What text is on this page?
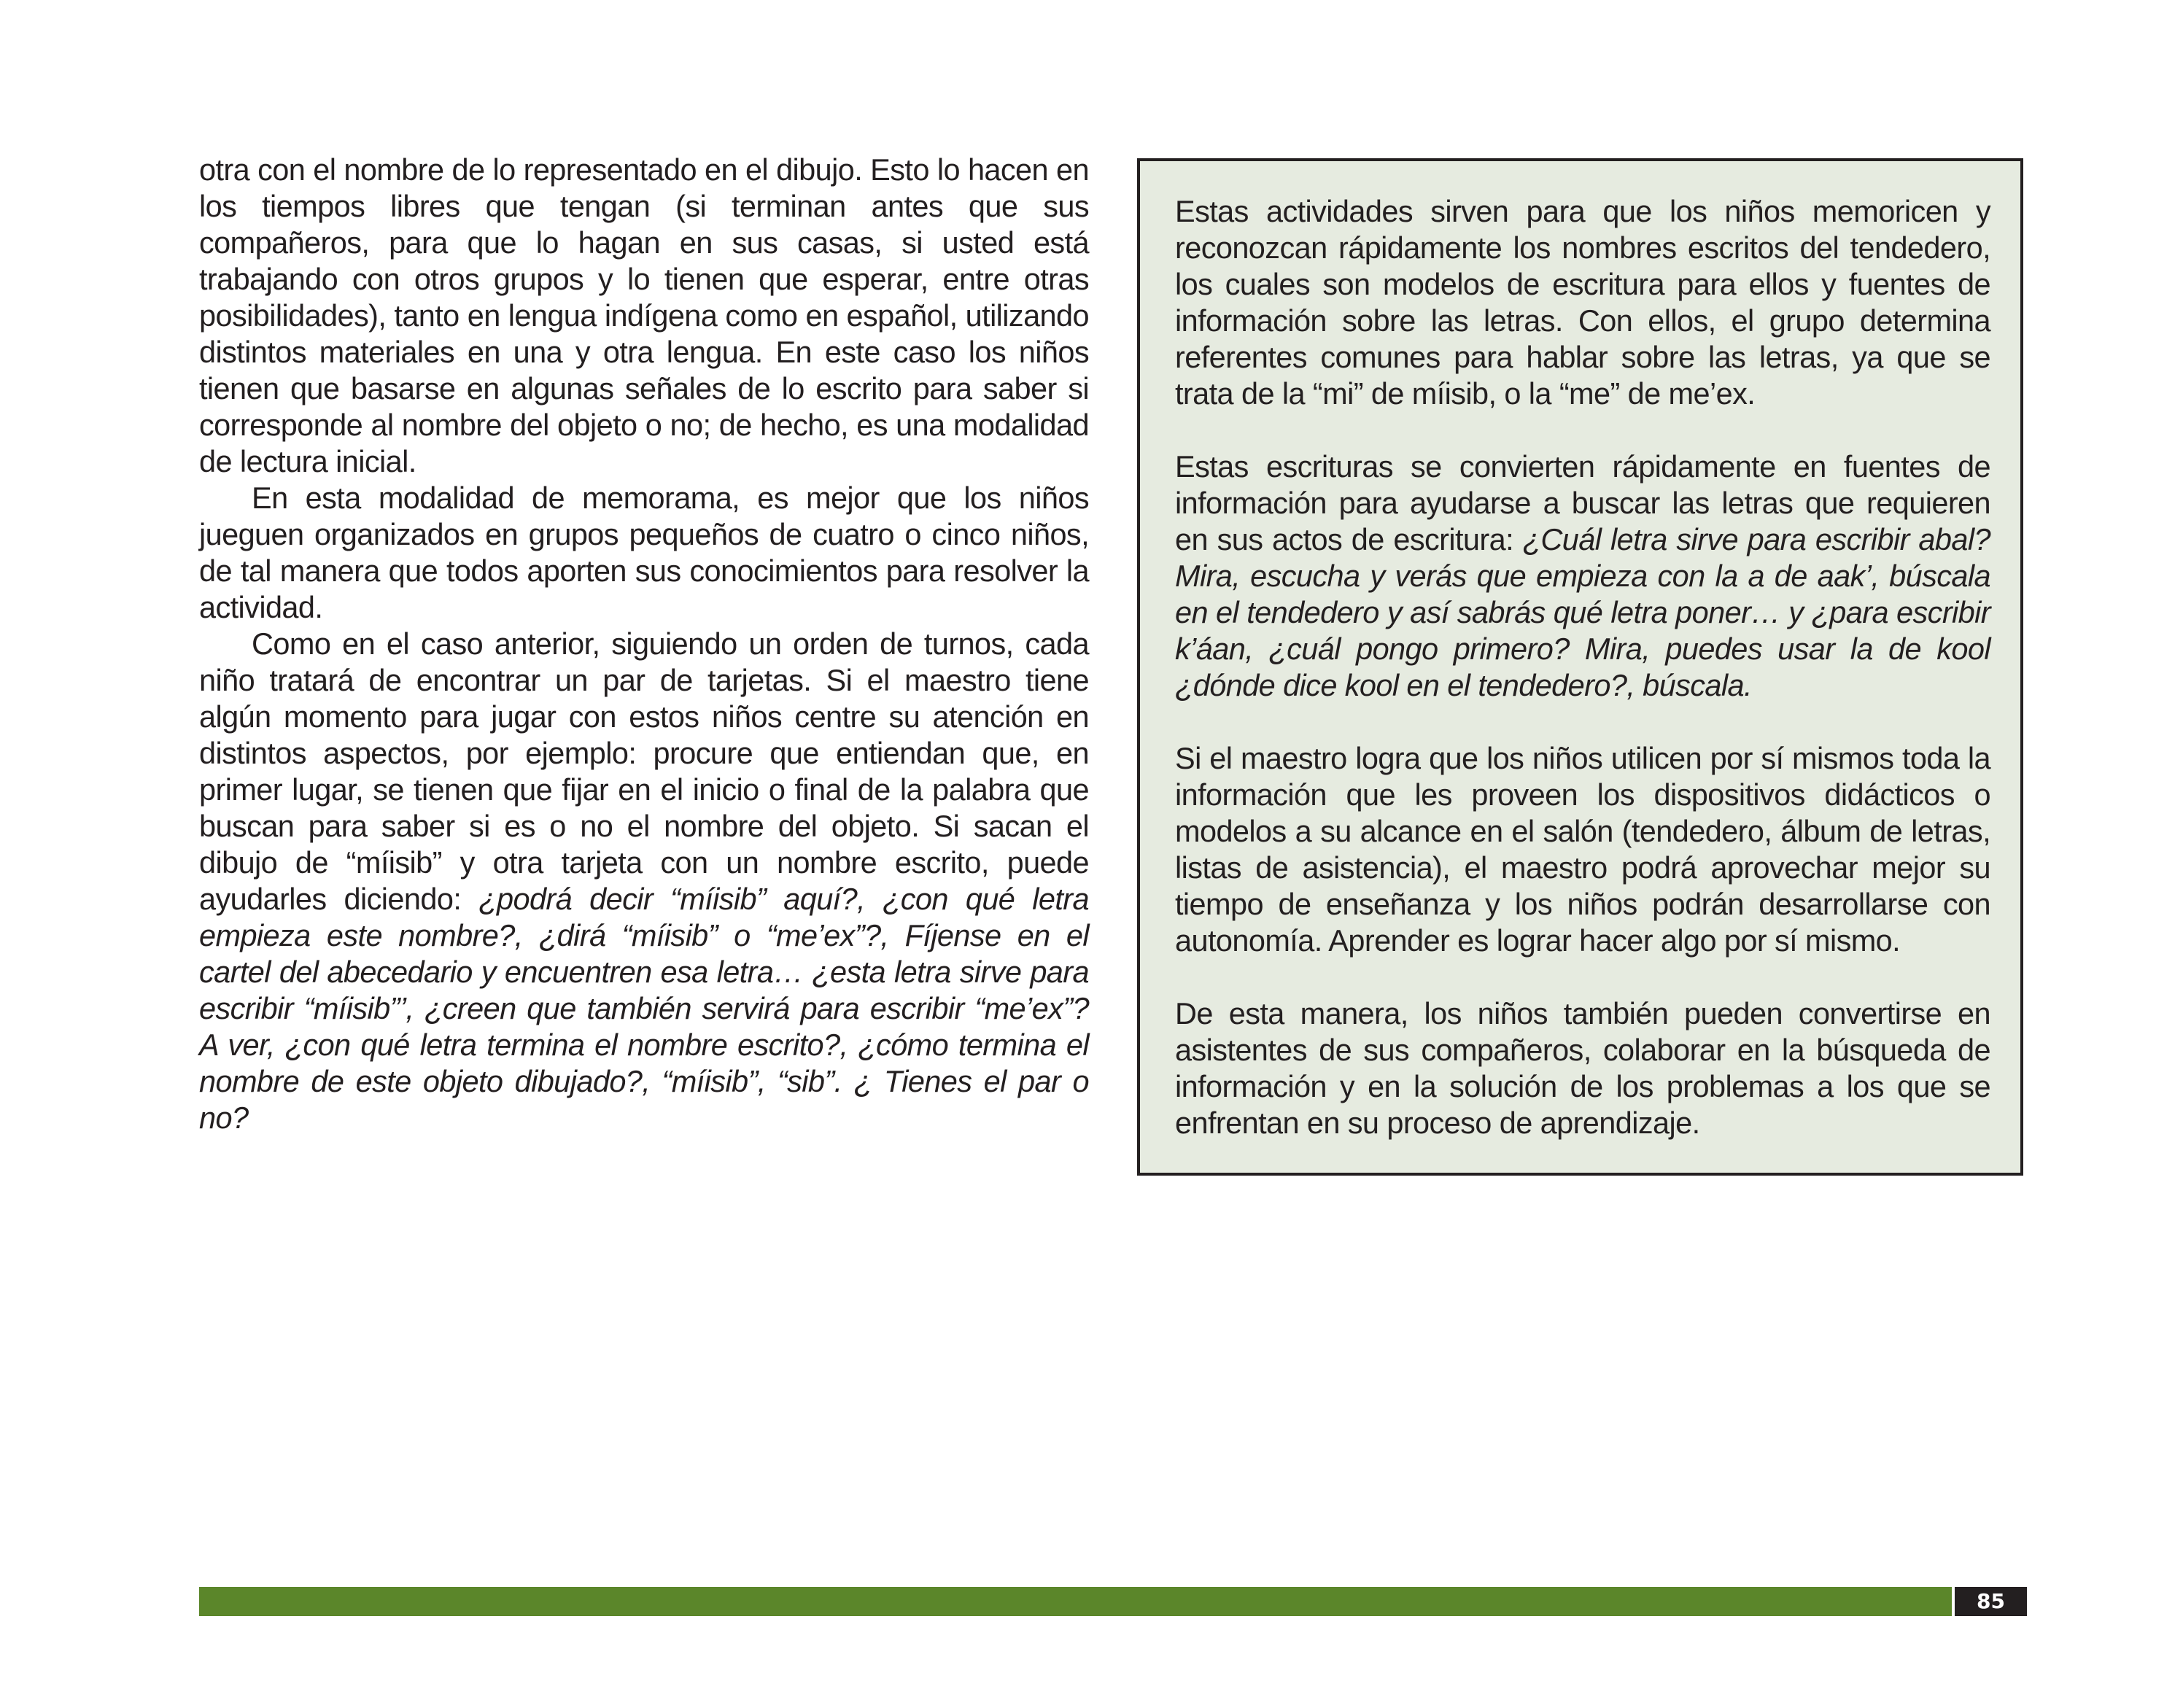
otra con el nombre de lo representado en el dibujo. Esto lo hacen en los tiempos libres que tengan (si terminan antes que sus compañeros, para que lo hagan en sus casas, si usted está trabajando con otros grupos y lo tienen que esperar, entre otras posibilidades), tanto en lengua indígena como en español, utilizando distintos materiales en una y otra lengua. En este caso los niños tienen que basarse en algunas señales de lo escrito para saber si corresponde al nombre del objeto o no; de hecho, es una modalidad de lectura inicial.

En esta modalidad de memorama, es mejor que los niños jueguen organizados en grupos pequeños de cuatro o cinco niños, de tal manera que todos aporten sus conocimientos para resolver la actividad.

Como en el caso anterior, siguiendo un orden de turnos, cada niño tratará de encontrar un par de tarjetas. Si el maestro tiene algún momento para jugar con estos niños centre su atención en distintos aspectos, por ejemplo: procure que entiendan que, en primer lugar, se tienen que fijar en el inicio o final de la palabra que buscan para saber si es o no el nombre del objeto. Si sacan el dibujo de “míisib” y otra tarjeta con un nombre escrito, puede ayudarles diciendo: ¿podrá decir “míisib” aquí?, ¿con qué letra empieza este nombre?, ¿dirá “míisib” o “me’ex”?, Fíjense en el cartel del abecedario y encuentren esa letra… ¿esta letra sirve para escribir “míisib”’, ¿creen que también servirá para escribir “me’ex”? A ver, ¿con qué letra termina el nombre escrito?, ¿cómo termina el nombre de este objeto dibujado?, “míisib”, “sib”. ¿ Tienes el par o no?

Estas actividades sirven para que los niños memoricen y reconozcan rápidamente los nombres escritos del tendedero, los cuales son modelos de escritura para ellos y fuentes de información sobre las letras. Con ellos, el grupo determina referentes comunes para hablar sobre las letras, ya que se trata de la “mi” de míisib, o la “me” de me’ex.

Estas escrituras se convierten rápidamente en fuentes de información para ayudarse a buscar las letras que requieren en sus actos de escritura: ¿Cuál letra sirve para escribir abal? Mira, escucha y verás que empieza con la a de aak’, búscala en el tendedero y así sabrás qué letra poner… y ¿para escribir k’áan, ¿cuál pongo primero? Mira, puedes usar la de kool ¿dónde dice kool en el tendedero?, búscala.

Si el maestro logra que los niños utilicen por sí mismos toda la información que les proveen los dispositivos didácticos o modelos a su alcance en el salón (tendedero, álbum de letras, listas de asistencia), el maestro podrá aprovechar mejor su tiempo de enseñanza y los niños podrán desarrollarse con autonomía. Aprender es lograr hacer algo por sí mismo.

De esta manera, los niños también pueden convertirse en asistentes de sus compañeros, colaborar en la búsqueda de información y en la solución de los problemas a los que se enfrentan en su proceso de aprendizaje.

85
